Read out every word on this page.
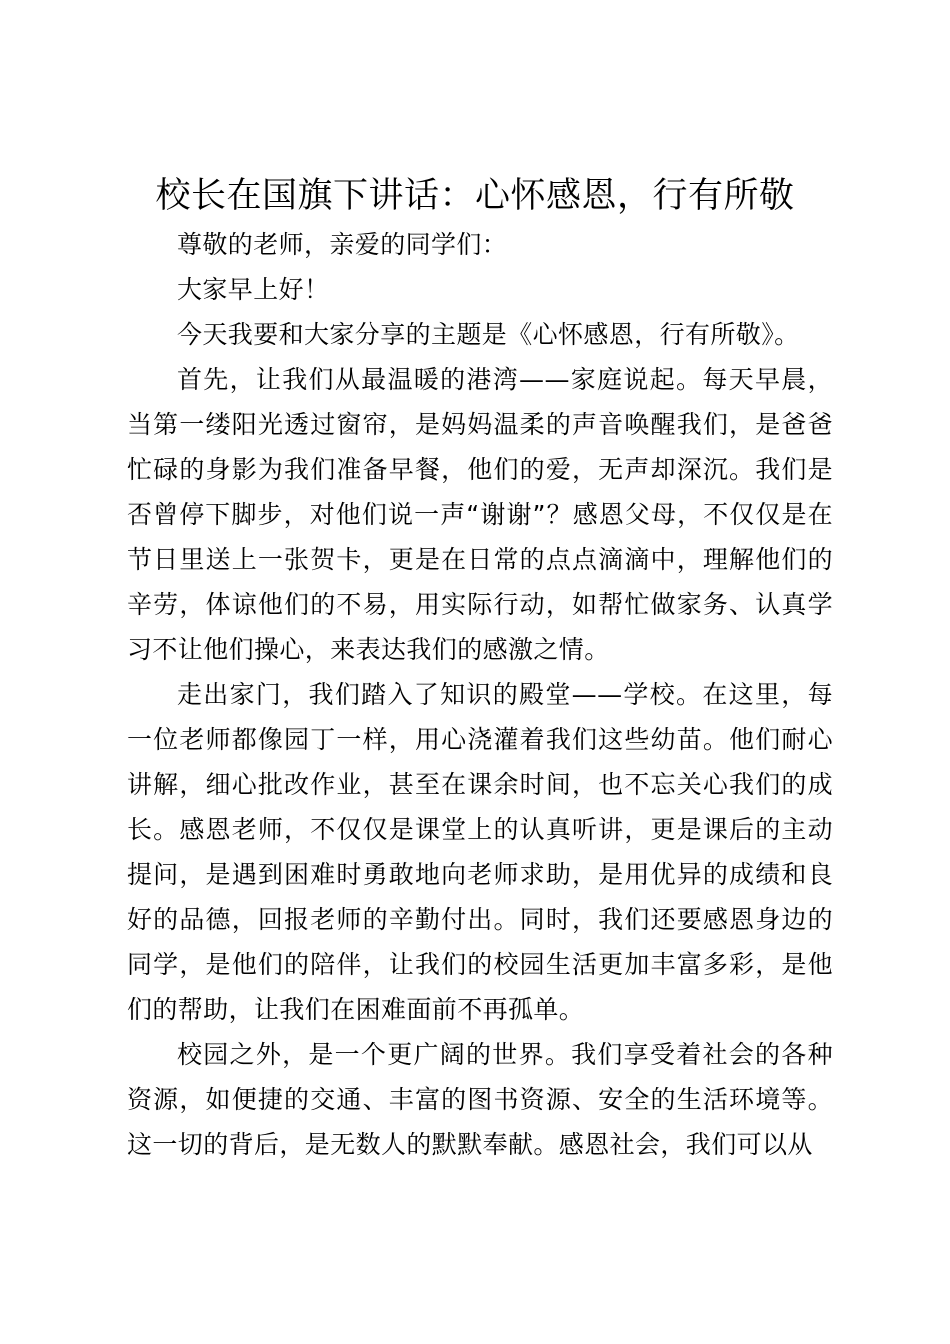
校长在国旗下讲话：心怀感恩，行有所敬

尊敬的老师，亲爱的同学们：

大家早上好！

今天我要和大家分享的主题是《心怀感恩，行有所敬》。

首先，让我们从最温暖的港湾——家庭说起。每天早晨，当第一缕阳光透过窗帘，是妈妈温柔的声音唤醒我们，是爸爸忙碌的身影为我们准备早餐，他们的爱，无声却深沉。我们是否曾停下脚步，对他们说一声“谢谢”？感恩父母，不仅仅是在节日里送上一张贺卡，更是在日常的点点滴滴中，理解他们的辛劳，体谅他们的不易，用实际行动，如帮忙做家务、认真学习不让他们操心，来表达我们的感激之情。

走出家门，我们踏入了知识的殿堂——学校。在这里，每一位老师都像园丁一样，用心浇灌着我们这些幼苗。他们耐心讲解，细心批改作业，甚至在课余时间，也不忘关心我们的成长。感恩老师，不仅仅是课堂上的认真听讲，更是课后的主动提问，是遇到困难时勇敢地向老师求助，是用优异的成绩和良好的品德，回报老师的辛勤付出。同时，我们还要感恩身边的同学，是他们的陪伴，让我们的校园生活更加丰富多彩，是他们的帮助，让我们在困难面前不再孤单。

校园之外，是一个更广阔的世界。我们享受着社会的各种资源，如便捷的交通、丰富的图书资源、安全的生活环境等。这一切的背后，是无数人的默默奉献。感恩社会，我们可以从
